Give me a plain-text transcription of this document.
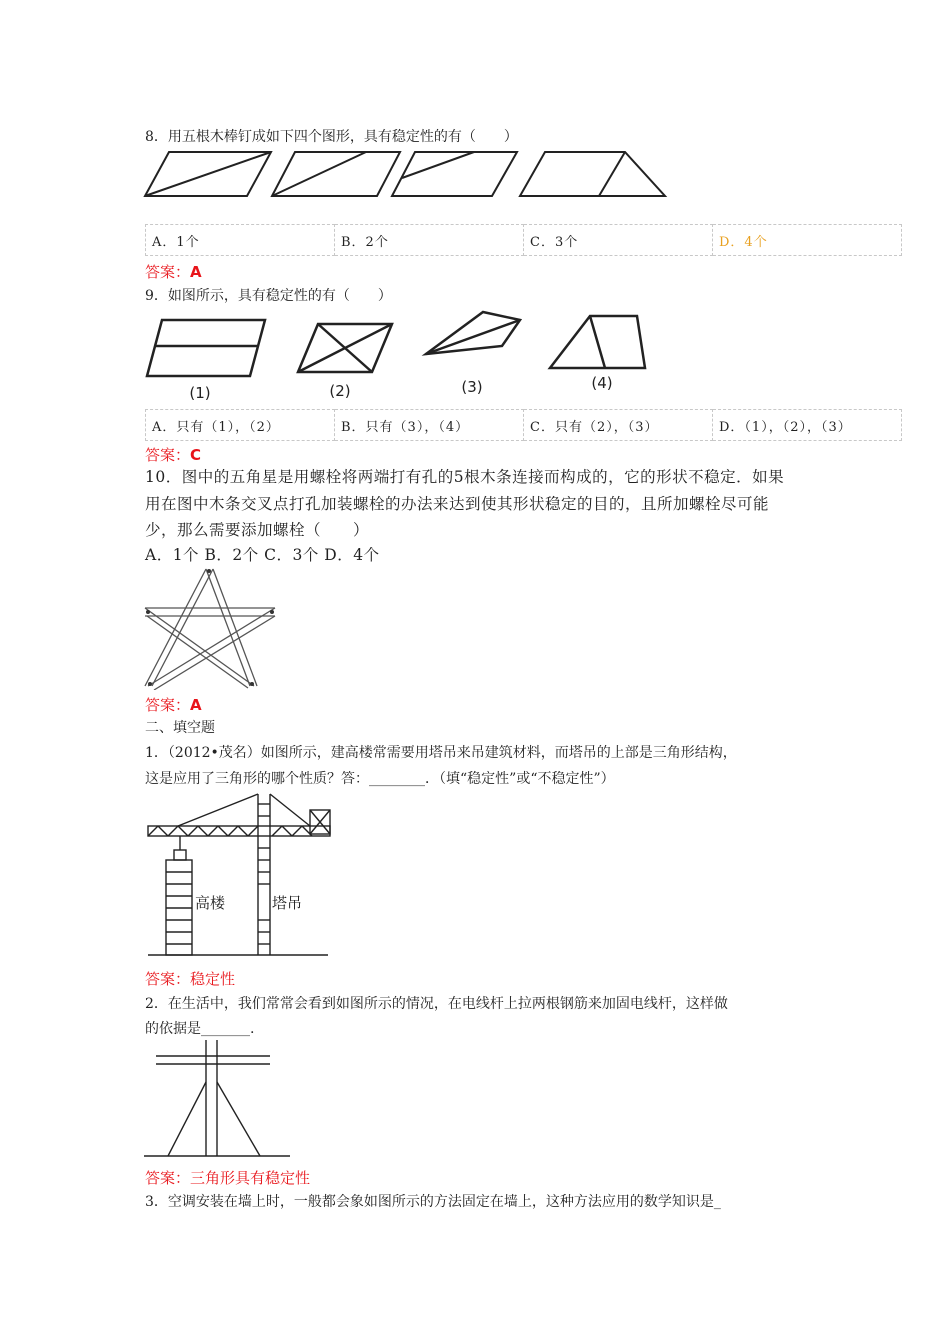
8．用五根木棒钉成如下四个图形，具有稳定性的有（　　）
A．1个	B．2个	C．3个	D．4个
答案：A
9．如图所示，具有稳定性的有（　　）
(1)	(2)	(3)	(4)
A．只有（1），（2）	B．只有（3），（4）	C．只有（2），（3）	D．（1），（2），（3）
答案：C
10．图中的五角星是用螺栓将两端打有孔的5根木条连接而构成的，它的形状不稳定．如果
用在图中木条交叉点打孔加装螺栓的办法来达到使其形状稳定的目的，且所加螺栓尽可能
少，那么需要添加螺栓（　　）
A．1个 B．2个 C．3个 D．4个
答案：A
二、填空题
1．（2012•茂名）如图所示，建高楼常需要用塔吊来吊建筑材料，而塔吊的上部是三角形结构，
这是应用了三角形的哪个性质？答：________．（填“稳定性”或“不稳定性”）
高楼	塔吊
答案：稳定性
2．在生活中，我们常常会看到如图所示的情况，在电线杆上拉两根钢筋来加固电线杆，这样做
的依据是_______.
答案：三角形具有稳定性
3．空调安装在墙上时，一般都会象如图所示的方法固定在墙上，这种方法应用的数学知识是_
